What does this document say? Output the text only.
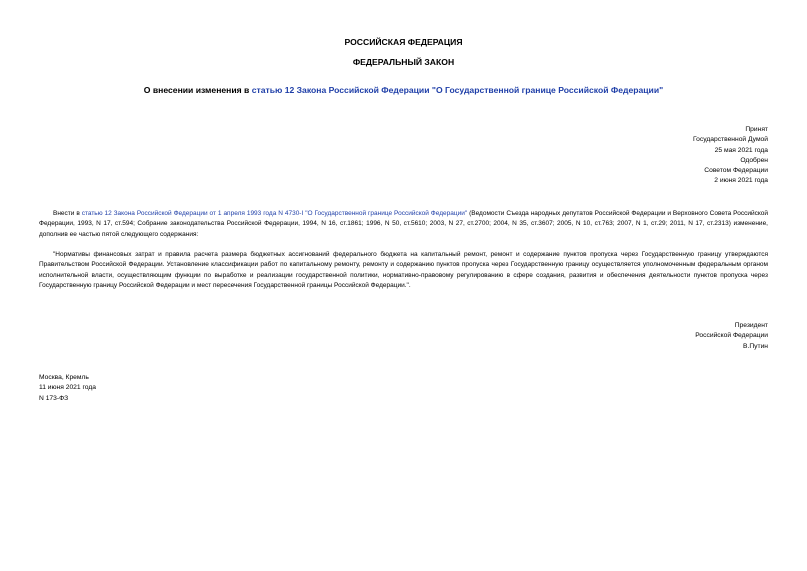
РОССИЙСКАЯ ФЕДЕРАЦИЯ
ФЕДЕРАЛЬНЫЙ ЗАКОН
О внесении изменения в статью 12 Закона Российской Федерации "О Государственной границе Российской Федерации"
Принят
Государственной Думой
25 мая 2021 года
Одобрен
Советом Федерации
2 июня 2021 года

Внести в статью 12 Закона Российской Федерации от 1 апреля 1993 года N 4730-I "О Государственной границе Российской Федерации" (Ведомости Съезда народных депутатов Российской Федерации и Верховного Совета Российской Федерации, 1993, N 17, ст.594; Собрание законодательства Российской Федерации, 1994, N 16, ст.1861; 1996, N 50, ст.5610; 2003, N 27, ст.2700; 2004, N 35, ст.3607; 2005, N 10, ст.763; 2007, N 1, ст.29; 2011, N 17, ст.2313) изменение, дополнив ее частью пятой следующего содержания:

"Нормативы финансовых затрат и правила расчета размера бюджетных ассигнований федерального бюджета на капитальный ремонт, ремонт и содержание пунктов пропуска через Государственную границу утверждаются Правительством Российской Федерации. Установление классификации работ по капитальному ремонту, ремонту и содержанию пунктов пропуска через Государственную границу осуществляется уполномоченным федеральным органом исполнительной власти, осуществляющим функции по выработке и реализации государственной политики, нормативно-правовому регулированию в сфере создания, развития и обеспечения деятельности пунктов пропуска через Государственную границу Российской Федерации и мест пересечения Государственной границы Российской Федерации.".

Президент
Российской Федерации
В.Путин
Москва, Кремль
11 июня 2021 года
N 173-ФЗ
